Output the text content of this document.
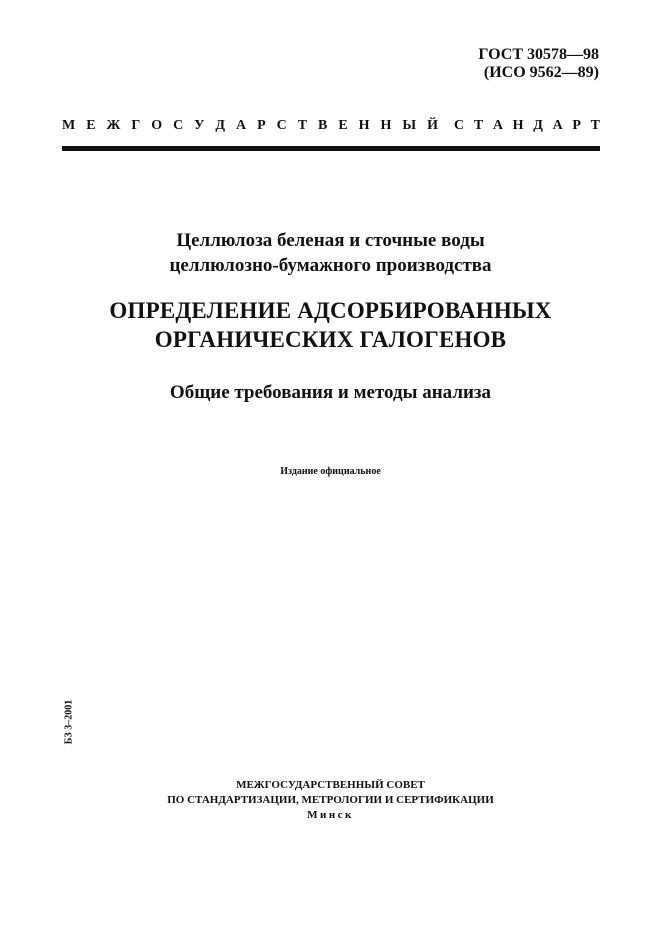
ГОСТ 30578—98
(ИСО 9562—89)
М Е Ж Г О С У Д А Р С Т В Е Н Н Ы Й С Т А Н Д А Р Т
Целлюлоза беленая и сточные воды
целлюлозно-бумажного производства
ОПРЕДЕЛЕНИЕ АДСОРБИРОВАННЫХ
ОРГАНИЧЕСКИХ ГАЛОГЕНОВ
Общие требования и методы анализа
Издание официальное
БЗ 3–2001
МЕЖГОСУДАРСТВЕННЫЙ СОВЕТ
ПО СТАНДАРТИЗАЦИИ, МЕТРОЛОГИИ И СЕРТИФИКАЦИИ
Минск
